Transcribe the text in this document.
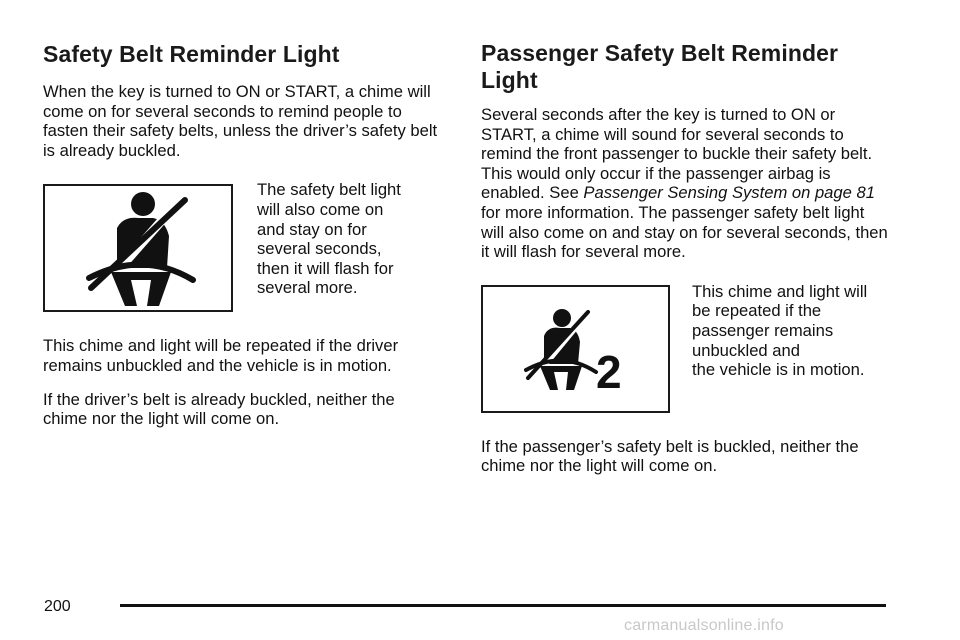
Safety Belt Reminder Light

When the key is turned to ON or START, a chime will come on for several seconds to remind people to fasten their safety belts, unless the driver’s safety belt is already buckled.

The safety belt light

will also come on

and stay on for

several seconds,

then it will flash for

several more.

This chime and light will be repeated if the driver remains unbuckled and the vehicle is in motion.

If the driver’s belt is already buckled, neither the chime nor the light will come on.

Passenger Safety Belt Reminder
Light

Several seconds after the key is turned to ON or START, a chime will sound for several seconds to remind the front passenger to buckle their safety belt. This would only occur if the passenger airbag is enabled. See Passenger Sensing System on page 81 for more information. The passenger safety belt light will also come on and stay on for several seconds, then it will flash for several more.

2

This chime and light will

be repeated if the

passenger remains

unbuckled and

the vehicle is in motion.

If the passenger’s safety belt is buckled, neither the chime nor the light will come on.

200
carmanualsonline.info
